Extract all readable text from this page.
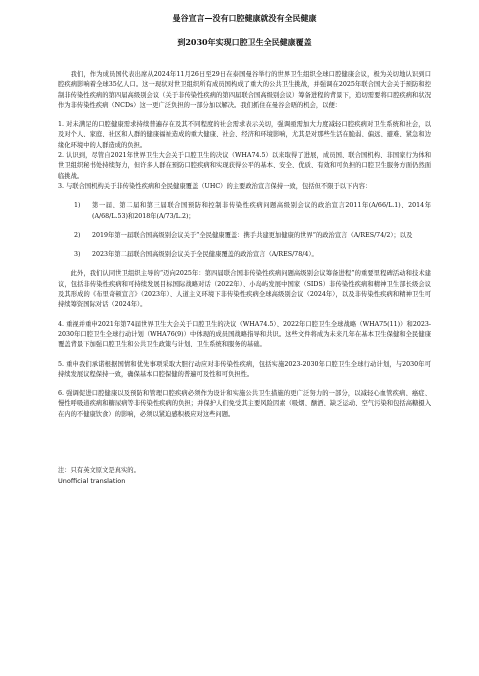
曼谷宣言—没有口腔健康就没有全民健康

到2030年实现口腔卫生全民健康覆盖

我们，作为成员国代表出席从2024年11月26日至29日在泰国曼谷举行的世界卫生组织全球口腔健康会议，极为关切地认识到口腔疾病影响着全球35亿人口。这一现状对世卫组织所有成员国构成了重大的公共卫生挑战，并强调在2025年联合国大会关于预防和控制非传染性疾病的第四届高级别会议（关于非传染性疾病的第四届联合国高级别会议）筹备进程的背景下，追切需要将口腔疾病和状况作为非传染性疾病（NCDs）这一更广泛负担的一部分加以解决。我们抓住在曼谷会晤的机会，以便：

1. 对未满足的口腔健康需求持续普遍存在及其不同程度的社会需求表示关切，强调亟需加大力度减轻口腔疾病对卫生系统和社会，以及对个人、家庭、社区和人群的健康福祉造成的重大健康、社会、经济和环境影响，尤其是对那些生活在脆弱、偏远、避难、紧急和边缘化环境中的人群造成的负担。

2. 认识到，尽管自2021年世界卫生大会关于口腔卫生的决议（WHA74.5）以来取得了进展，成员国、联合国机构、非国家行为体和世卫组织秘书处持续努力，但许多人群在预防口腔疾病和实现获得公平的基本、安全、优质、有效和可负担的口腔卫生服务方面仍然面临挑战。

3. 与联合国机构关于非传染性疾病和全民健康覆盖（UHC）的主要政治宣言保持一致，包括但不限于以下内容：

1)	第一届、第二届和第三届联合国预防和控制非传染性疾病问题高级别会议的政治宣言2011年(A/66/L.1)、2014年(A/68/L.53)和2018年(A/73/L.2)；
2)	2019年第一届联合国高级别会议关于“全民健康覆盖：携手共建更加健康的世界”的政治宣言（A/RES/74/2）；以及
3)	2023年第二届联合国高级别会议关于全民健康覆盖的政治宣言（A/RES/78/4）。

此外，我们认同世卫组织主导的“迈向2025年：第四届联合国非传染性疾病问题高级别会议筹备进程”的重要里程碑活动和技术建议，包括非传染性疾病和可持续发展目标国际战略对话（2022年）、小岛屿发展中国家（SIDS）非传染性疾病和精神卫生部长级会议及其形成的《布里奇顿宣言》（2023年）、人道主义环境下非传染性疾病全球高级别会议（2024年），以及非传染性疾病和精神卫生可持续筹资国际对话（2024年）。

4. 重视并重申2021年第74届世界卫生大会关于口腔卫生的决议（WHA74.5）、2022年口腔卫生全球战略（WHA75(11)）和2023-2030年口腔卫生全球行动计划（WHA76(9)）中体现的成员国战略指导和共识。这些文件将成为未来几年在基本卫生保健和全民健康覆盖背景下加强口腔卫生和公共卫生政策与计划、卫生系统和服务的基础。

5. 重申我们承诺根据国情和优先事项采取大胆行动应对非传染性疾病，包括实施2023-2030年口腔卫生全球行动计划，与2030年可持续发展议程保持一致，确保基本口腔保健的普遍可及性和可负担性。

6. 强调促进口腔健康以及预防和管理口腔疾病必须作为设计和实施公共卫生措施的更广泛努力的一部分，以减轻心血管疾病、癌症、慢性呼吸道疾病和糖尿病等非传染性疾病的负担；并保护人们免受其主要风险因素（吸烟、酗酒、缺乏运动、空气污染和包括高糖摄入在内的不健康饮食）的影响，必须以紧迫感积极应对这些问题。

注：只有英文原文是真实的。

Unofficial translation
